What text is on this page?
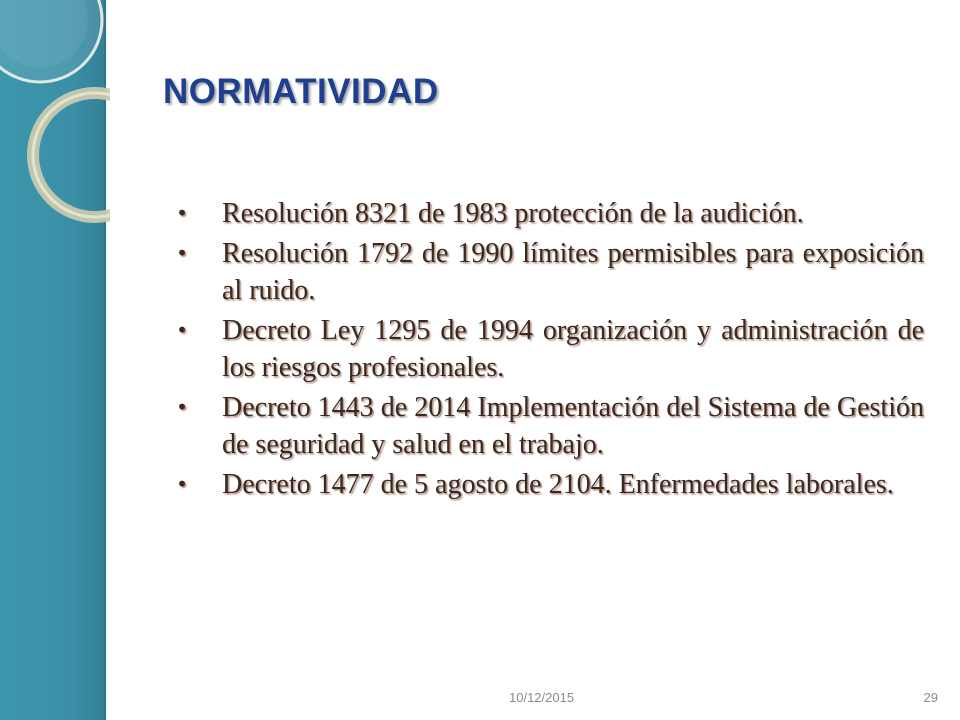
NORMATIVIDAD
• Resolución 8321 de 1983 protección de la audición.
• Resolución 1792 de 1990 límites permisibles para exposición al ruido.
• Decreto Ley 1295 de 1994 organización y administración de los riesgos profesionales.
• Decreto 1443 de 2014 Implementación del Sistema de Gestión de seguridad y salud en el trabajo.
• Decreto 1477 de 5 agosto de 2104. Enfermedades laborales.
10/12/2015	29
